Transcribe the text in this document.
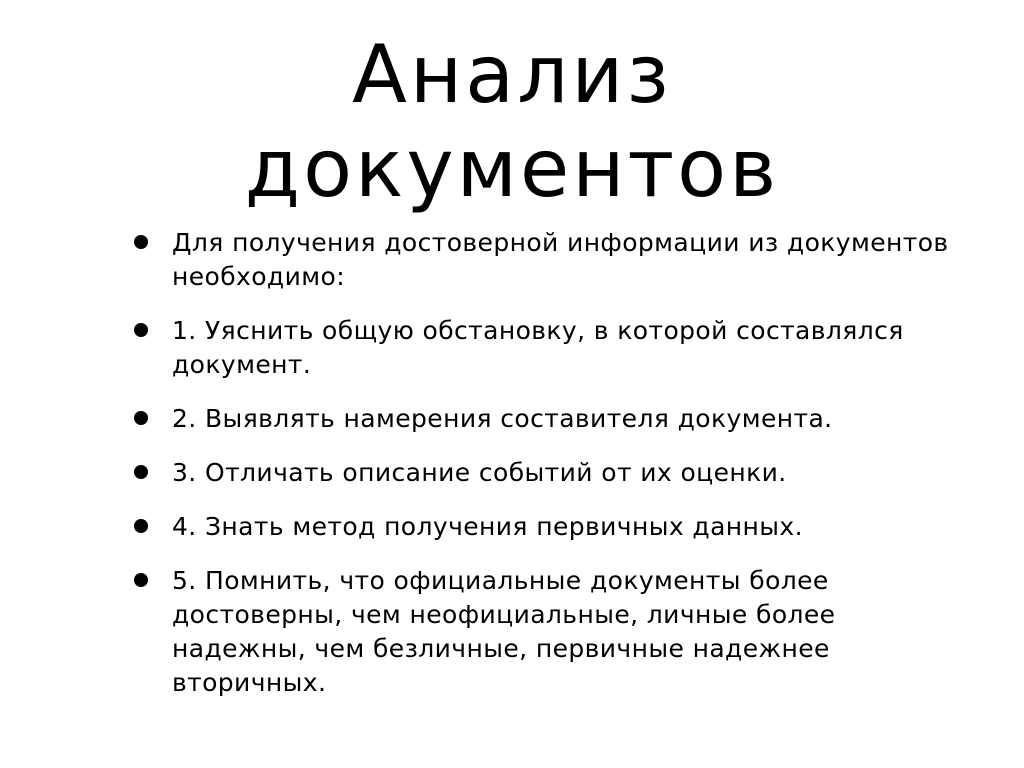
Анализ
документов
Для получения достоверной информации из документов необходимо:
1. Уяснить общую обстановку, в которой составлялся документ.
2. Выявлять намерения составителя документа.
3. Отличать описание событий от их оценки.
4. Знать метод получения первичных данных.
5. Помнить, что официальные документы более достоверны, чем неофициальные, личные более надежны, чем безличные, первичные надежнее вторичных.
